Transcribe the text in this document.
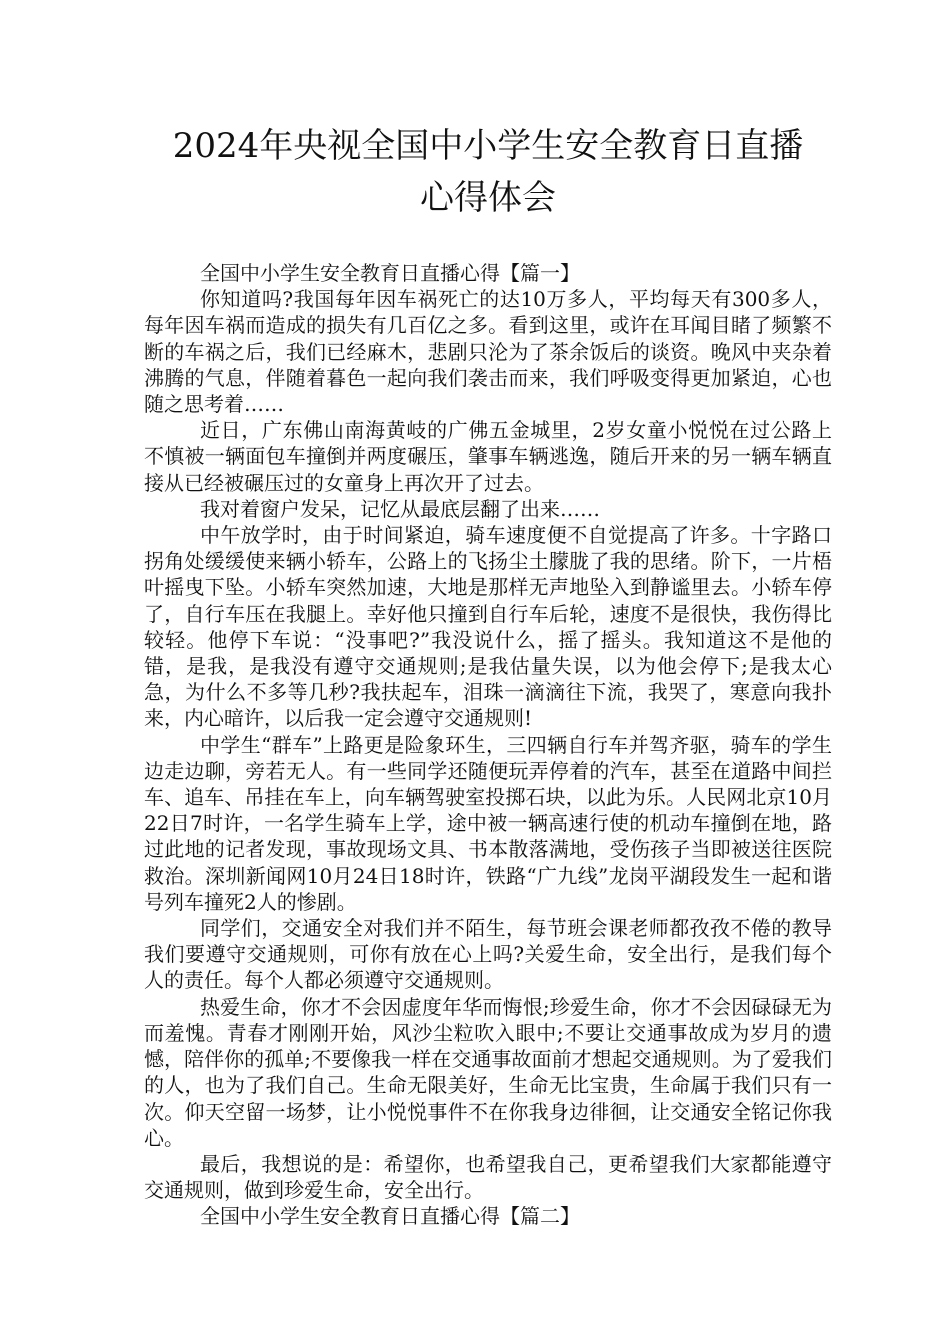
2024年央视全国中小学生安全教育日直播
心得体会

全国中小学生安全教育日直播心得【篇一】

你知道吗?我国每年因车祸死亡的达10万多人，平均每天有300多人，每年因车祸而造成的损失有几百亿之多。看到这里，或许在耳闻目睹了频繁不断的车祸之后，我们已经麻木，悲剧只沦为了茶余饭后的谈资。晚风中夹杂着沸腾的气息，伴随着暮色一起向我们袭击而来，我们呼吸变得更加紧迫，心也随之思考着……

近日，广东佛山南海黄岐的广佛五金城里，2岁女童小悦悦在过公路上不慎被一辆面包车撞倒并两度碾压，肇事车辆逃逸，随后开来的另一辆车辆直接从已经被碾压过的女童身上再次开了过去。

我对着窗户发呆，记忆从最底层翻了出来……

中午放学时，由于时间紧迫，骑车速度便不自觉提高了许多。十字路口拐角处缓缓使来辆小轿车，公路上的飞扬尘土朦胧了我的思绪。阶下，一片梧叶摇曳下坠。小轿车突然加速，大地是那样无声地坠入到静谧里去。小轿车停了，自行车压在我腿上。幸好他只撞到自行车后轮，速度不是很快，我伤得比较轻。他停下车说：“没事吧?”我没说什么，摇了摇头。我知道这不是他的错，是我，是我没有遵守交通规则;是我估量失误，以为他会停下;是我太心急，为什么不多等几秒?我扶起车，泪珠一滴滴往下流，我哭了，寒意向我扑来，内心暗许，以后我一定会遵守交通规则!

中学生“群车”上路更是险象环生，三四辆自行车并驾齐驱，骑车的学生边走边聊，旁若无人。有一些同学还随便玩弄停着的汽车，甚至在道路中间拦车、追车、吊挂在车上，向车辆驾驶室投掷石块，以此为乐。人民网北京10月22日7时许，一名学生骑车上学，途中被一辆高速行使的机动车撞倒在地，路过此地的记者发现，事故现场文具、书本散落满地，受伤孩子当即被送往医院救治。深圳新闻网10月24日18时许，铁路“广九线”龙岗平湖段发生一起和谐号列车撞死2人的惨剧。

同学们，交通安全对我们并不陌生，每节班会课老师都孜孜不倦的教导我们要遵守交通规则，可你有放在心上吗?关爱生命，安全出行，是我们每个人的责任。每个人都必须遵守交通规则。

热爱生命，你才不会因虚度年华而悔恨;珍爱生命，你才不会因碌碌无为而羞愧。青春才刚刚开始，风沙尘粒吹入眼中;不要让交通事故成为岁月的遗憾，陪伴你的孤单;不要像我一样在交通事故面前才想起交通规则。为了爱我们的人，也为了我们自己。生命无限美好，生命无比宝贵，生命属于我们只有一次。仰天空留一场梦，让小悦悦事件不在你我身边徘徊，让交通安全铭记你我心。

最后，我想说的是：希望你，也希望我自己，更希望我们大家都能遵守交通规则，做到珍爱生命，安全出行。

全国中小学生安全教育日直播心得【篇二】
